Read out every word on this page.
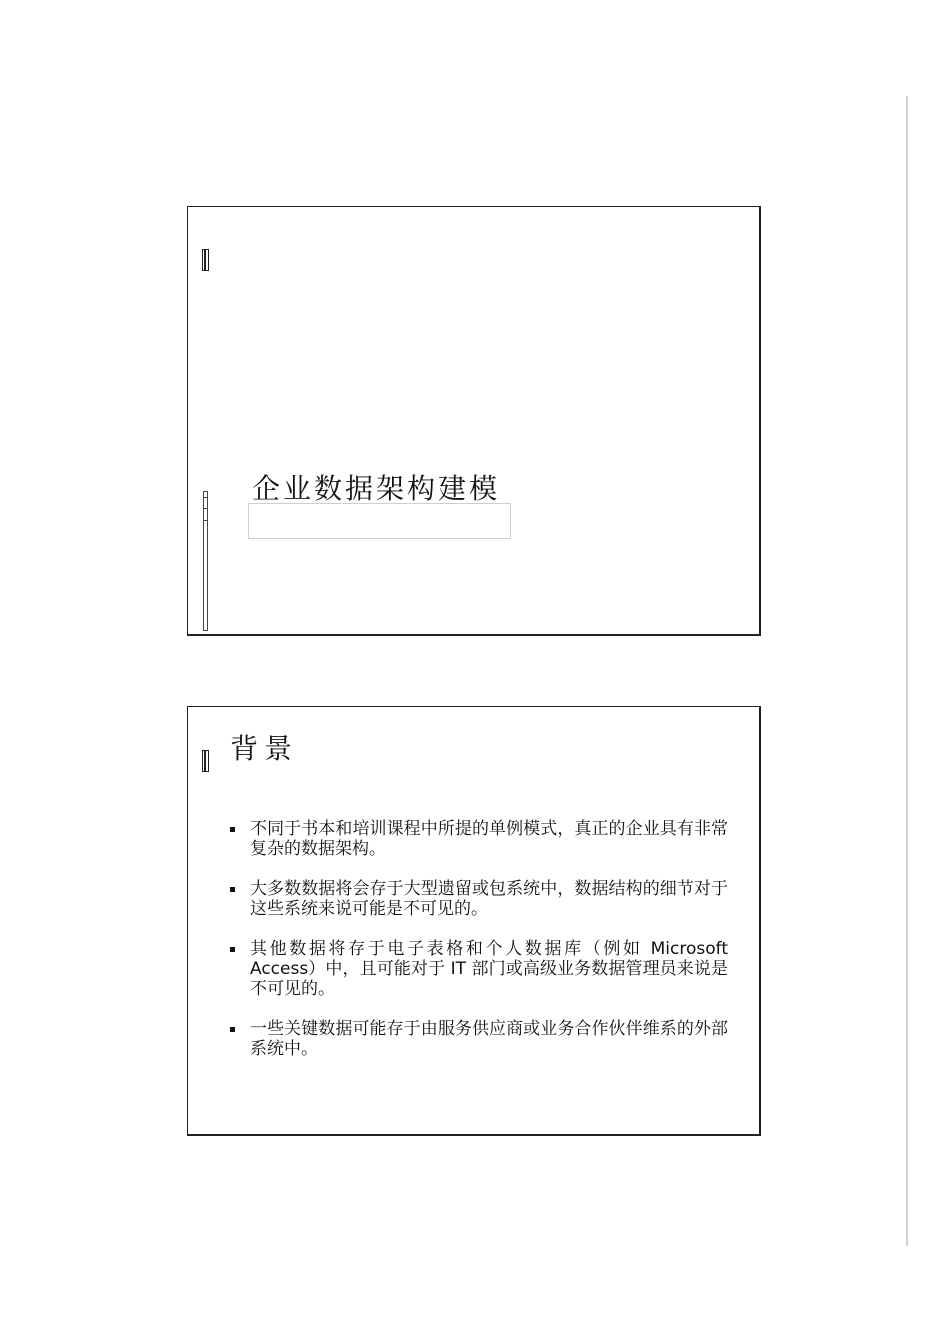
企业数据架构建模
背景
不同于书本和培训课程中所提的单例模式，真正的企业具有非常复杂的数据架构。
大多数数据将会存于大型遗留或包系统中，数据结构的细节对于这些系统来说可能是不可见的。
其他数据将存于电子表格和个人数据库（例如 Microsoft Access）中，且可能对于 IT 部门或高级业务数据管理员来说是不可见的。
一些关键数据可能存于由服务供应商或业务合作伙伴维系的外部系统中。
